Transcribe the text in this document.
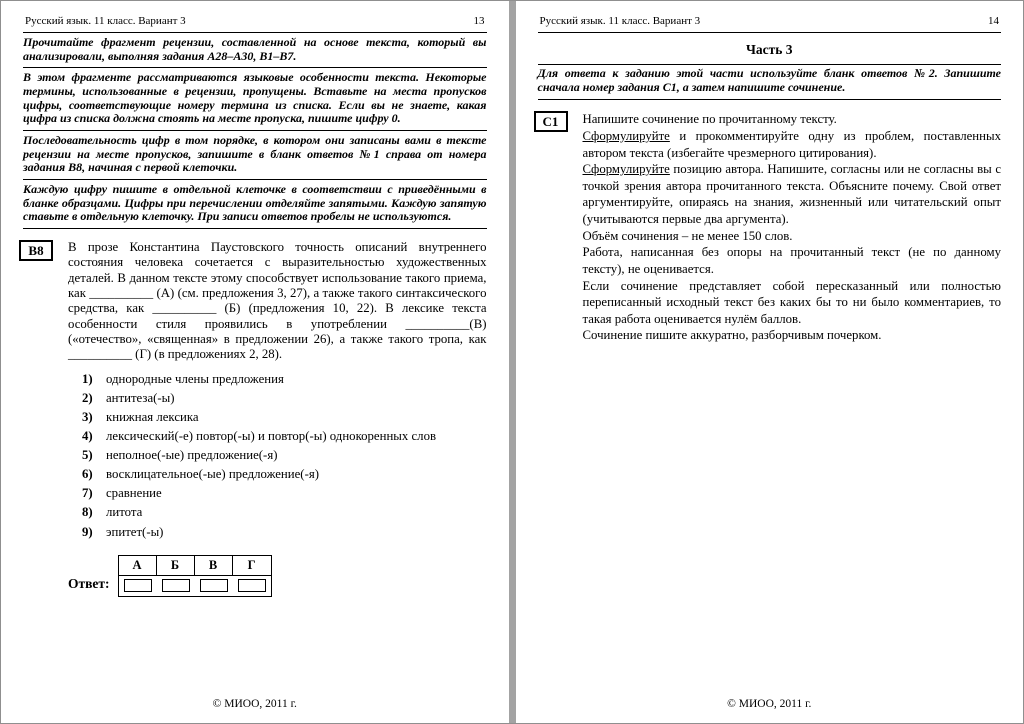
Русский язык. 11 класс. Вариант 3	13

Прочитайте фрагмент рецензии, составленной на основе текста, который вы анализировали, выполняя задания А28–А30, В1–В7.

В этом фрагменте рассматриваются языковые особенности текста. Некоторые термины, использованные в рецензии, пропущены. Вставьте на места пропусков цифры, соответствующие номеру термина из списка. Если вы не знаете, какая цифра из списка должна стоять на месте пропуска, пишите цифру 0.

Последовательность цифр в том порядке, в котором они записаны вами в тексте рецензии на месте пропусков, запишите в бланк ответов №1 справа от номера задания В8, начиная с первой клеточки.

Каждую цифру пишите в отдельной клеточке в соответствии с приведёнными в бланке образцами. Цифры при перечислении отделяйте запятыми. Каждую запятую ставьте в отдельную клеточку. При записи ответов пробелы не используются.

В8	В прозе Константина Паустовского точность описаний внутреннего состояния человека сочетается с выразительностью художественных деталей. В данном тексте этому способствует использование такого приема, как __________ (А) (см. предложения 3, 27), а также такого синтаксического средства, как __________ (Б) (предложения 10, 22). В лексике текста особенности стиля проявились в употреблении __________(В) («отечество», «священная» в предложении 26), а также такого тропа, как __________ (Г) (в предложениях 2, 28).

1)	однородные члены предложения
2)	антитеза(-ы)
3)	книжная лексика
4)	лексический(-е) повтор(-ы) и повтор(-ы) однокоренных слов
5)	неполное(-ые) предложение(-я)
6)	восклицательное(-ые) предложение(-я)
7)	сравнение
8)	литота
9)	эпитет(-ы)
Ответ:
А	Б	В	Г
© МИОО, 2011 г.
Русский язык. 11 класс. Вариант 3	14
Часть 3

Для ответа к заданию этой части используйте бланк ответов №2. Запишите сначала номер задания С1, а затем напишите сочинение.

С1	Напишите сочинение по прочитанному тексту.

Сформулируйте и прокомментируйте одну из проблем, поставленных автором текста (избегайте чрезмерного цитирования).

Сформулируйте позицию автора. Напишите, согласны или не согласны вы с точкой зрения автора прочитанного текста. Объясните почему. Свой ответ аргументируйте, опираясь на знания, жизненный или читательский опыт (учитываются первые два аргумента).

Объём сочинения – не менее 150 слов.

Работа, написанная без опоры на прочитанный текст (не по данному тексту), не оценивается.

Если сочинение представляет собой пересказанный или полностью переписанный исходный текст без каких бы то ни было комментариев, то такая работа оценивается нулём баллов.

Сочинение пишите аккуратно, разборчивым почерком.

© МИОО, 2011 г.
